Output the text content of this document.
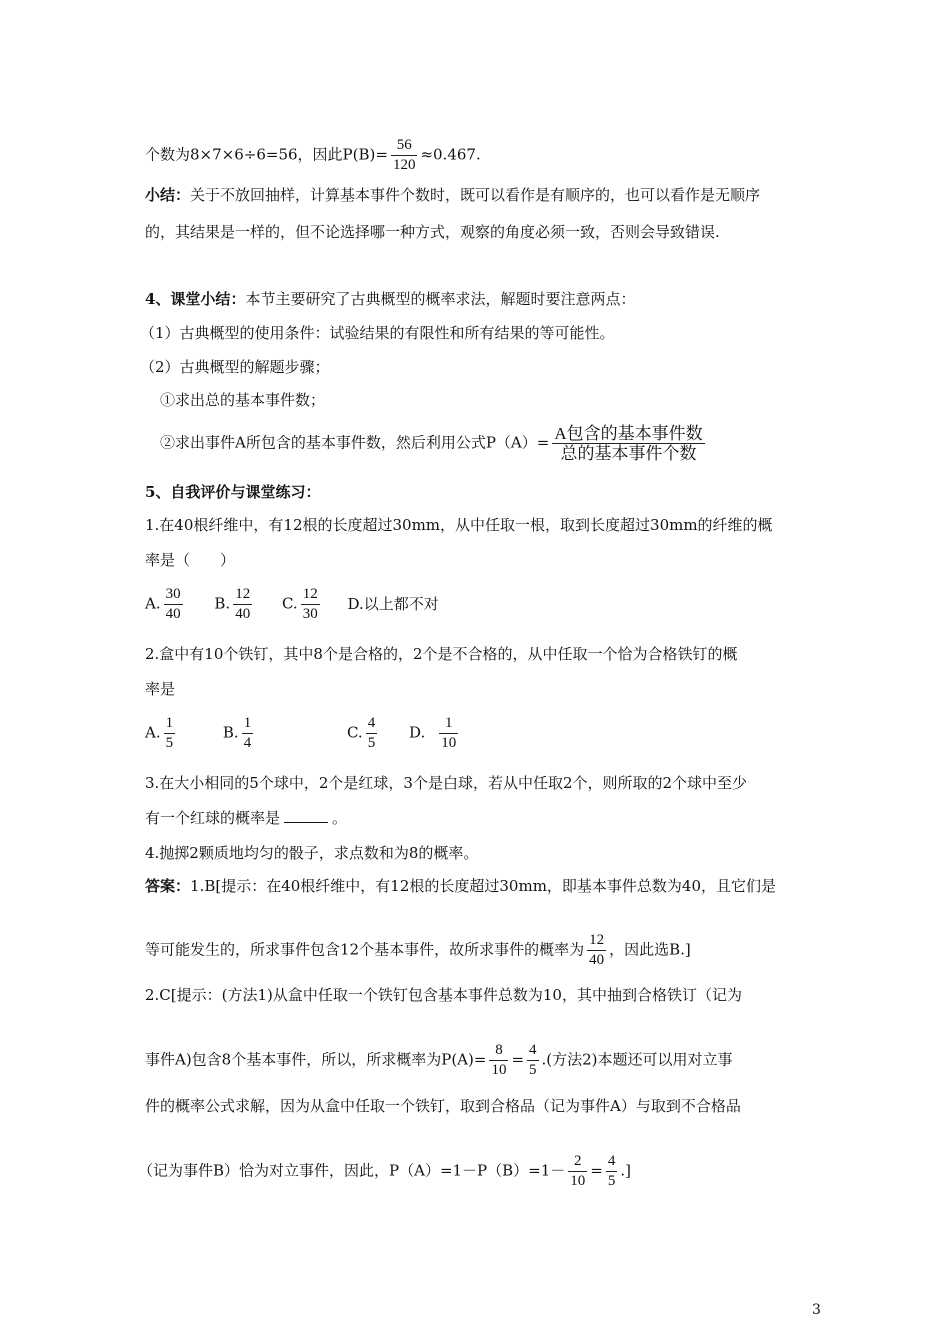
个数为8×7×6÷6=56，因此$P(B)= \frac{56}{120} \approx 0.467$.
小结：关于不放回抽样，计算基本事件个数时，既可以看作是有顺序的，也可以看作是无顺序
的，其结果是一样的，但不论选择哪一种方式，观察的角度必须一致，否则会导致错误.
4、课堂小结：本节主要研究了古典概型的概率求法，解题时要注意两点：
（1）古典概型的使用条件：试验结果的有限性和所有结果的等可能性。
（2）古典概型的解题步骤；
①求出总的基本事件数；
②求出事件A所包含的基本事件数，然后利用公式$P(A)= \frac{\text{A包含的基本事件数}}{\text{总的基本事件个数}}$
5、自我评价与课堂练习：
1.在40根纤维中，有12根的长度超过30mm，从中任取一根，取到长度超过30mm的纤维的概
率是（　　）
A. $\frac{30}{40} B$. $\frac{12}{40} C$. $\frac{12}{30} D$.以上都不对
2.盒中有10个铁钉，其中8个是合格的，2个是不合格的，从中任取一个恰为合格铁钉的概
率是
A. $\frac{1}{5}$	B. $\frac{1}{4}$	C. $\frac{4}{5} D$. $\frac{1}{10}$
3.在大小相同的5个球中，2个是红球，3个是白球，若从中任取2个，则所取的2个球中至少
有一个红球的概率是	。
4.抛掷2颗质地均匀的骰子，求点数和为8的概率。
答案：1.B[提示：在40根纤维中，有12根的长度超过30mm，即基本事件总数为40，且它们是
等可能发生的，所求事件包含12个基本事件，故所求事件的概率为 $\frac{12}{40}$ ，因此选B.]
2.C[提示：(方法1)从盒中任取一个铁钉包含基本事件总数为10，其中抽到合格铁订（记为
事件A)包含8个基本事件，所以，所求概率为$P(A)= \frac{8}{10} = \frac{4}{5}$ .(方法2)本题还可以用对立事
件的概率公式求解，因为从盒中任取一个铁钉，取到合格品（记为事件A）与取到不合格品
（记为事件B）恰为对立事件，因此，$P(A)=1-P(B)=1- \frac{2}{10} = \frac{4}{5}$ .]
3
